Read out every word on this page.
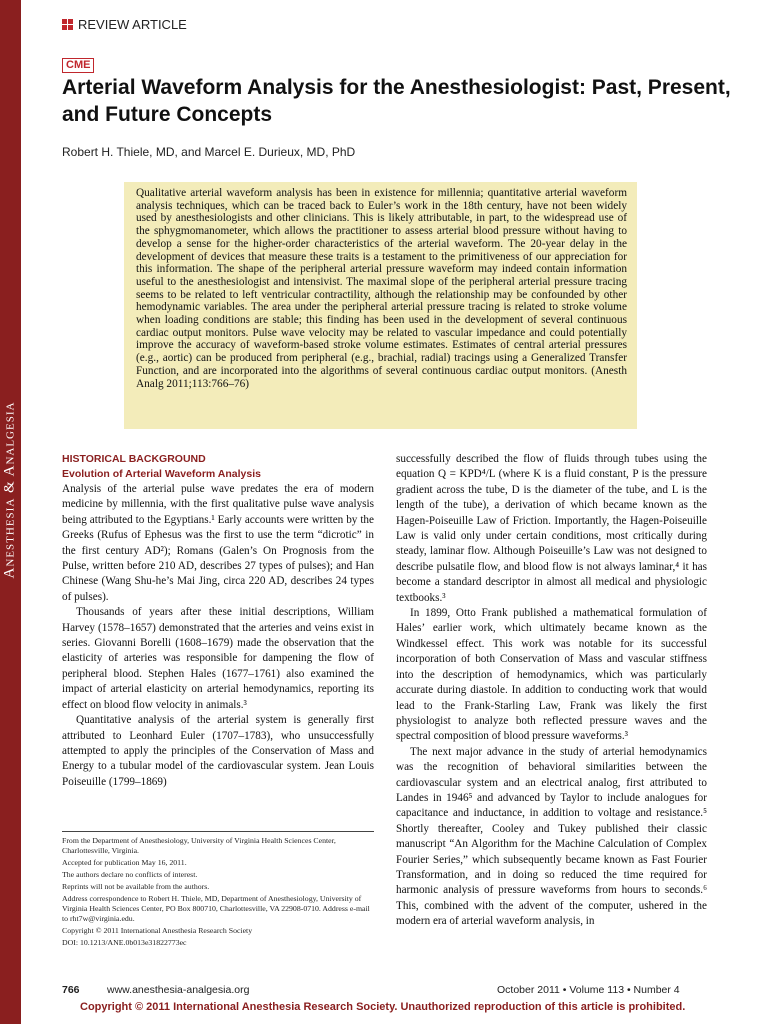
Anesthesia & Analgesia
REVIEW ARTICLE
CME
Arterial Waveform Analysis for the Anesthesiologist: Past, Present, and Future Concepts
Robert H. Thiele, MD, and Marcel E. Durieux, MD, PhD
Qualitative arterial waveform analysis has been in existence for millennia; quantitative arterial waveform analysis techniques, which can be traced back to Euler’s work in the 18th century, have not been widely used by anesthesiologists and other clinicians. This is likely attributable, in part, to the widespread use of the sphygmomanometer, which allows the practitioner to assess arterial blood pressure without having to develop a sense for the higher-order characteristics of the arterial waveform. The 20-year delay in the development of devices that measure these traits is a testament to the primitiveness of our appreciation for this information. The shape of the peripheral arterial pressure waveform may indeed contain information useful to the anesthesiologist and intensivist. The maximal slope of the peripheral arterial pressure tracing seems to be related to left ventricular contractility, although the relationship may be confounded by other hemodynamic variables. The area under the peripheral arterial pressure tracing is related to stroke volume when loading conditions are stable; this finding has been used in the development of several continuous cardiac output monitors. Pulse wave velocity may be related to vascular impedance and could potentially improve the accuracy of waveform-based stroke volume estimates. Estimates of central arterial pressures (e.g., aortic) can be produced from peripheral (e.g., brachial, radial) tracings using a Generalized Transfer Function, and are incorporated into the algorithms of several continuous cardiac output monitors. (Anesth Analg 2011;113:766–76)
HISTORICAL BACKGROUND
Evolution of Arterial Waveform Analysis

Analysis of the arterial pulse wave predates the era of modern medicine by millennia, with the first qualitative pulse wave analysis being attributed to the Egyptians.¹ Early accounts were written by the Greeks (Rufus of Ephesus was the first to use the term “dicrotic” in the first century AD²); Romans (Galen’s On Prognosis from the Pulse, written before 210 AD, describes 27 types of pulses); and Han Chinese (Wang Shu-he’s Mai Jing, circa 220 AD, describes 24 types of pulses).

Thousands of years after these initial descriptions, William Harvey (1578–1657) demonstrated that the arteries and veins exist in series. Giovanni Borelli (1608–1679) made the observation that the elasticity of arteries was responsible for dampening the flow of peripheral blood. Stephen Hales (1677–1761) also examined the impact of arterial elasticity on arterial hemodynamics, reporting its effect on blood flow velocity in animals.³

Quantitative analysis of the arterial system is generally first attributed to Leonhard Euler (1707–1783), who unsuccessfully attempted to apply the principles of the Conservation of Mass and Energy to a tubular model of the cardiovascular system. Jean Louis Poiseuille (1799–1869)

From the Department of Anesthesiology, University of Virginia Health Sciences Center, Charlottesville, Virginia.

Accepted for publication May 16, 2011.

The authors declare no conflicts of interest.

Reprints will not be available from the authors.

Address correspondence to Robert H. Thiele, MD, Department of Anesthesiology, University of Virginia Health Sciences Center, PO Box 800710, Charlottesville, VA 22908-0710. Address e-mail to rht7w@virginia.edu.

Copyright © 2011 International Anesthesia Research Society

DOI: 10.1213/ANE.0b013e31822773ec

successfully described the flow of fluids through tubes using the equation Q = KPD⁴/L (where K is a fluid constant, P is the pressure gradient across the tube, D is the diameter of the tube, and L is the length of the tube), a derivation of which became known as the Hagen-Poiseuille Law of Friction. Importantly, the Hagen-Poiseuille Law is valid only under certain conditions, most critically during steady, laminar flow. Although Poiseuille’s Law was not designed to describe pulsatile flow, and blood flow is not always laminar,⁴ it has become a standard descriptor in almost all medical and physiologic textbooks.³

In 1899, Otto Frank published a mathematical formulation of Hales’ earlier work, which ultimately became known as the Windkessel effect. This work was notable for its successful incorporation of both Conservation of Mass and vascular stiffness into the description of hemodynamics, which was particularly accurate during diastole. In addition to conducting work that would lead to the Frank-Starling Law, Frank was likely the first physiologist to analyze both reflected pressure waves and the spectral composition of blood pressure waveforms.³

The next major advance in the study of arterial hemodynamics was the recognition of behavioral similarities between the cardiovascular system and an electrical analog, first attributed to Landes in 1946⁵ and advanced by Taylor to include analogues for capacitance and inductance, in addition to voltage and resistance.⁵ Shortly thereafter, Cooley and Tukey published their classic manuscript “An Algorithm for the Machine Calculation of Complex Fourier Series,” which subsequently became known as Fast Fourier Transformation, and in doing so reduced the time required for harmonic analysis of pressure waveforms from hours to seconds.⁶ This, combined with the advent of the computer, ushered in the modern era of arterial waveform analysis, in

766	www.anesthesia-analgesia.org	October 2011 • Volume 113 • Number 4
Copyright © 2011 International Anesthesia Research Society. Unauthorized reproduction of this article is prohibited.
